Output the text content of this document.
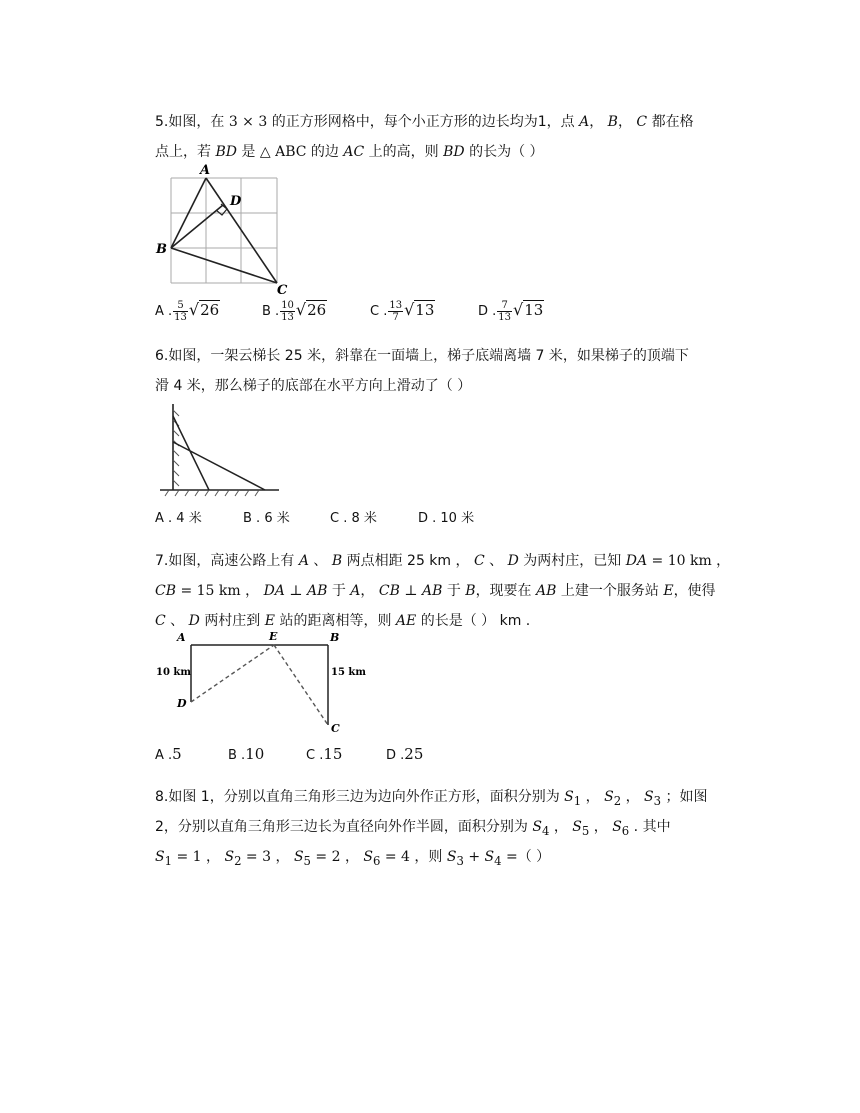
5.如图，在 3 × 3 的正方形网格中，每个小正方形的边长均为1，点 A， B， C 都在格
点上，若 BD 是 △ ABC 的边 AC 上的高，则 BD 的长为（ ）
A
D
B
C
A . $\frac{5}{13} √26$	B . $\frac{10}{13} √26$	C . $\frac{13}{7} √13$	D . $\frac{7}{13} √13$
6.如图，一架云梯长 25 米，斜靠在一面墙上，梯子底端离墙 7 米，如果梯子的顶端下
滑 4 米，那么梯子的底部在水平方向上滑动了（ ）
A . 4 米	B . 6 米	C . 8 米	D . 10 米
7.如图，高速公路上有 A 、 B 两点相距 25 km ， C 、 D 为两村庄，已知 DA = 10 km ，
CB = 15 km ， DA ⊥ AB 于 A， CB ⊥ AB 于 B，现要在 AB 上建一个服务站 E，使得
C 、 D 两村庄到 E 站的距离相等，则 AE 的长是（ ） km .
A	E	B
D
C
10 km	15 km
A .5	B .10	C .15	D .25
8.如图 1，分别以直角三角形三边为边向外作正方形，面积分别为 $S_1$ ， $S_2$ ， $S_3$ ；如图
2，分别以直角三角形三边长为直径向外作半圆，面积分别为 $S_4$ ， $S_5$ ， $S_6$ . 其中
$S_1 = 1$ ， $S_2 = 3$ ， $S_5 = 2$ ， $S_6 = 4$ ，则 $S_3 + S_4$ =（ ）
